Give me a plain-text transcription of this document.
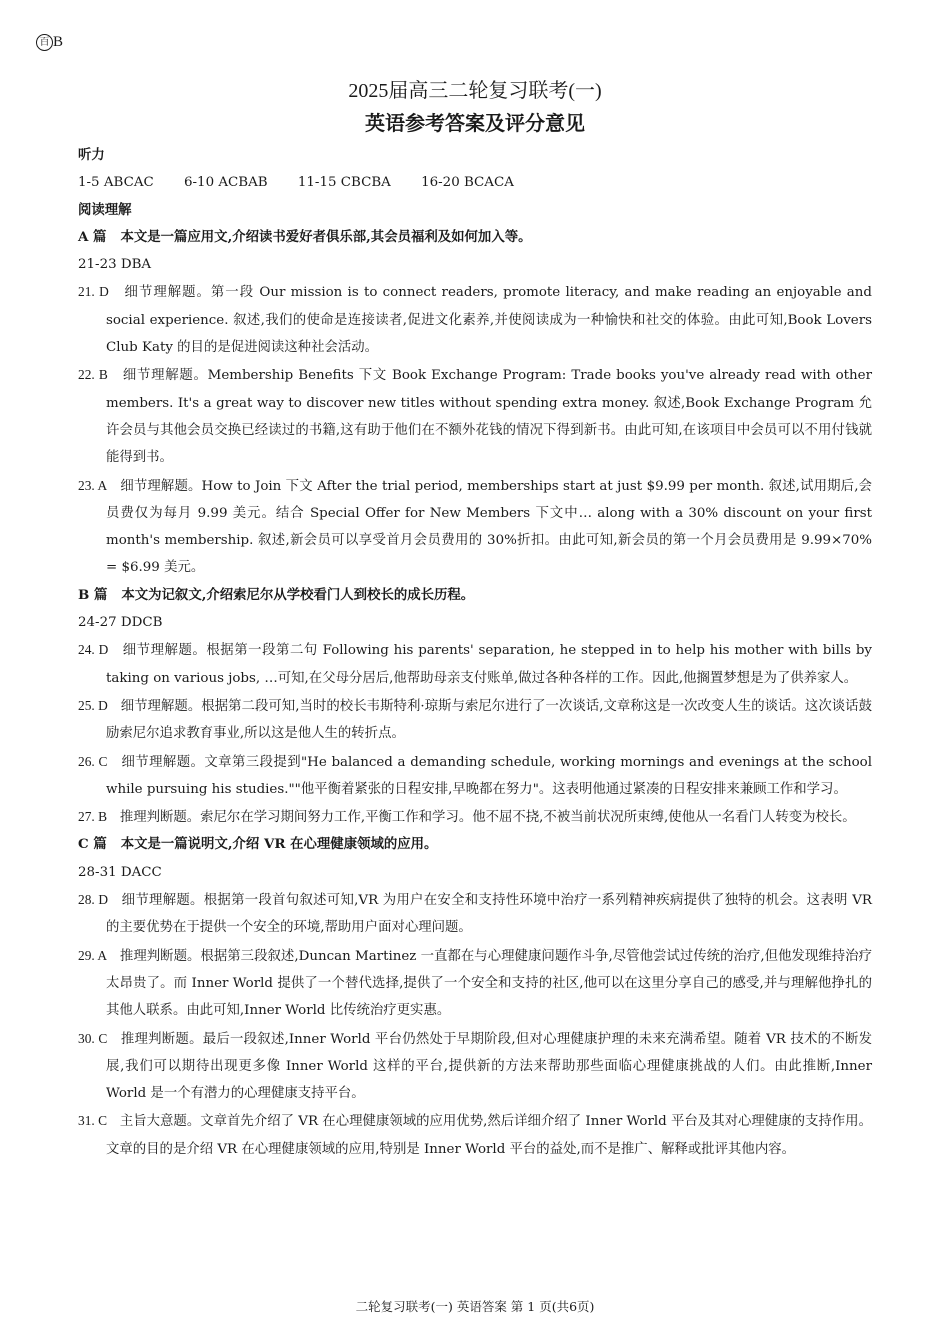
百 B
2025届高三二轮复习联考(一)
英语参考答案及评分意见
听力
1-5 ABCAC 6-10 ACBAB 11-15 CBCBA 16-20 BCACA
阅读理解
A 篇 本文是一篇应用文,介绍读书爱好者俱乐部,其会员福利及如何加入等。
21-23 DBA
21. D 细节理解题。第一段 Our mission is to connect readers, promote literacy, and make reading an enjoyable and social experience. 叙述,我们的使命是连接读者,促进文化素养,并使阅读成为一种愉快和社交的体验。由此可知,Book Lovers Club Katy 的目的是促进阅读这种社会活动。
22. B 细节理解题。Membership Benefits 下文 Book Exchange Program: Trade books you've already read with other members. It's a great way to discover new titles without spending extra money. 叙述,Book Exchange Program 允许会员与其他会员交换已经读过的书籍,这有助于他们在不额外花钱的情况下得到新书。由此可知,在该项目中会员可以不用付钱就能得到书。
23. A 细节理解题。How to Join 下文 After the trial period, memberships start at just $9.99 per month. 叙述,试用期后,会员费仅为每月 9.99 美元。结合 Special Offer for New Members 下文中… along with a 30% discount on your first month's membership. 叙述,新会员可以享受首月会员费用的 30%折扣。由此可知,新会员的第一个月会员费用是 9.99×70% = $6.99 美元。
B 篇 本文为记叙文,介绍索尼尔从学校看门人到校长的成长历程。
24-27 DDCB
24. D 细节理解题。根据第一段第二句 Following his parents' separation, he stepped in to help his mother with bills by taking on various jobs, …可知,在父母分居后,他帮助母亲支付账单,做过各种各样的工作。因此,他搁置梦想是为了供养家人。
25. D 细节理解题。根据第二段可知,当时的校长韦斯特利·琼斯与索尼尔进行了一次谈话,文章称这是一次改变人生的谈话。这次谈话鼓励索尼尔追求教育事业,所以这是他人生的转折点。
26. C 细节理解题。文章第三段提到"He balanced a demanding schedule, working mornings and evenings at the school while pursuing his studies.""他平衡着紧张的日程安排,早晚都在努力"。这表明他通过紧凑的日程安排来兼顾工作和学习。
27. B 推理判断题。索尼尔在学习期间努力工作,平衡工作和学习。他不屈不挠,不被当前状况所束缚,使他从一名看门人转变为校长。
C 篇 本文是一篇说明文,介绍 VR 在心理健康领域的应用。
28-31 DACC
28. D 细节理解题。根据第一段首句叙述可知,VR 为用户在安全和支持性环境中治疗一系列精神疾病提供了独特的机会。这表明 VR 的主要优势在于提供一个安全的环境,帮助用户面对心理问题。
29. A 推理判断题。根据第三段叙述,Duncan Martinez 一直都在与心理健康问题作斗争,尽管他尝试过传统的治疗,但他发现维持治疗太昂贵了。而 Inner World 提供了一个替代选择,提供了一个安全和支持的社区,他可以在这里分享自己的感受,并与理解他挣扎的其他人联系。由此可知,Inner World 比传统治疗更实惠。
30. C 推理判断题。最后一段叙述,Inner World 平台仍然处于早期阶段,但对心理健康护理的未来充满希望。随着 VR 技术的不断发展,我们可以期待出现更多像 Inner World 这样的平台,提供新的方法来帮助那些面临心理健康挑战的人们。由此推断,Inner World 是一个有潜力的心理健康支持平台。
31. C 主旨大意题。文章首先介绍了 VR 在心理健康领域的应用优势,然后详细介绍了 Inner World 平台及其对心理健康的支持作用。文章的目的是介绍 VR 在心理健康领域的应用,特别是 Inner World 平台的益处,而不是推广、解释或批评其他内容。
二轮复习联考(一) 英语答案 第 1 页(共6页)
